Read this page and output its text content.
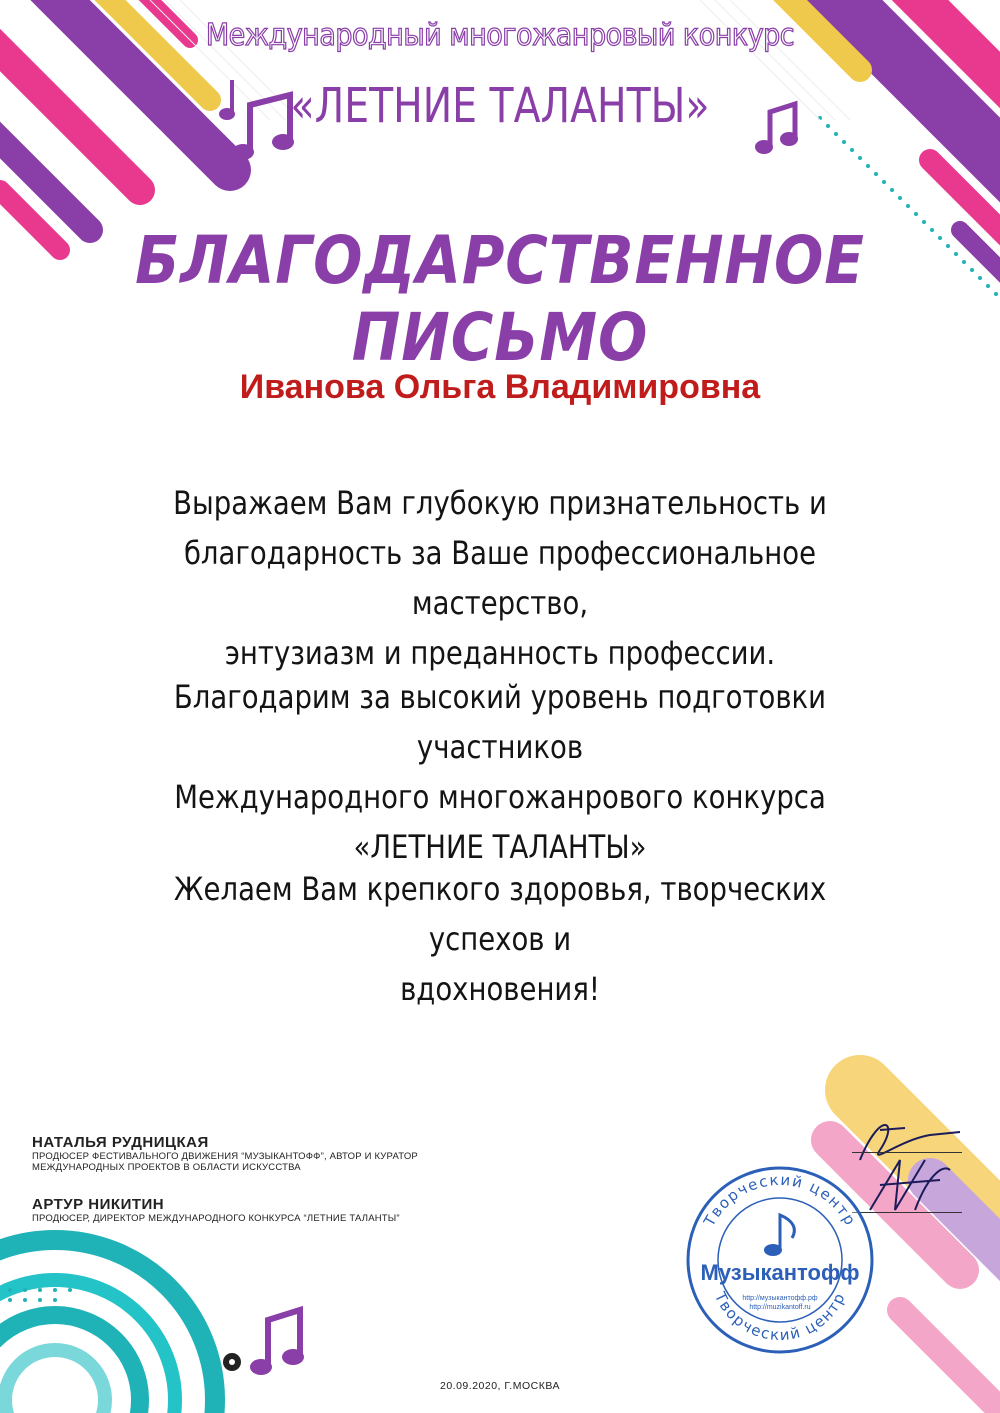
Международный многожанровый конкурс
«ЛЕТНИЕ ТАЛАНТЫ»
БЛАГОДАРСТВЕННОЕ ПИСЬМО
Иванова Ольга Владимировна
Выражаем Вам глубокую признательность и
благодарность за Ваше профессиональное мастерство,
энтузиазм и преданность профессии.
Благодарим за высокий уровень подготовки участников
Международного многожанрового конкурса
«ЛЕТНИЕ ТАЛАНТЫ»
Желаем Вам крепкого здоровья, творческих успехов и
вдохновения!
НАТАЛЬЯ РУДНИЦКАЯ
ПРОДЮСЕР ФЕСТИВАЛЬНОГО ДВИЖЕНИЯ “МУЗЫКАНТОФФ”, АВТОР И КУРАТОР
МЕЖДУНАРОДНЫХ ПРОЕКТОВ В ОБЛАСТИ ИСКУССТВА
АРТУР НИКИТИН
ПРОДЮСЕР, ДИРЕКТОР МЕЖДУНАРОДНОГО КОНКУРСА “ЛЕТНИЕ ТАЛАНТЫ”	Творческий центр
Творческий центр
Музыкантофф
http://музыкантофф.рф
http://muzikantoff.ru
20.09.2020, Г.МОСКВА
